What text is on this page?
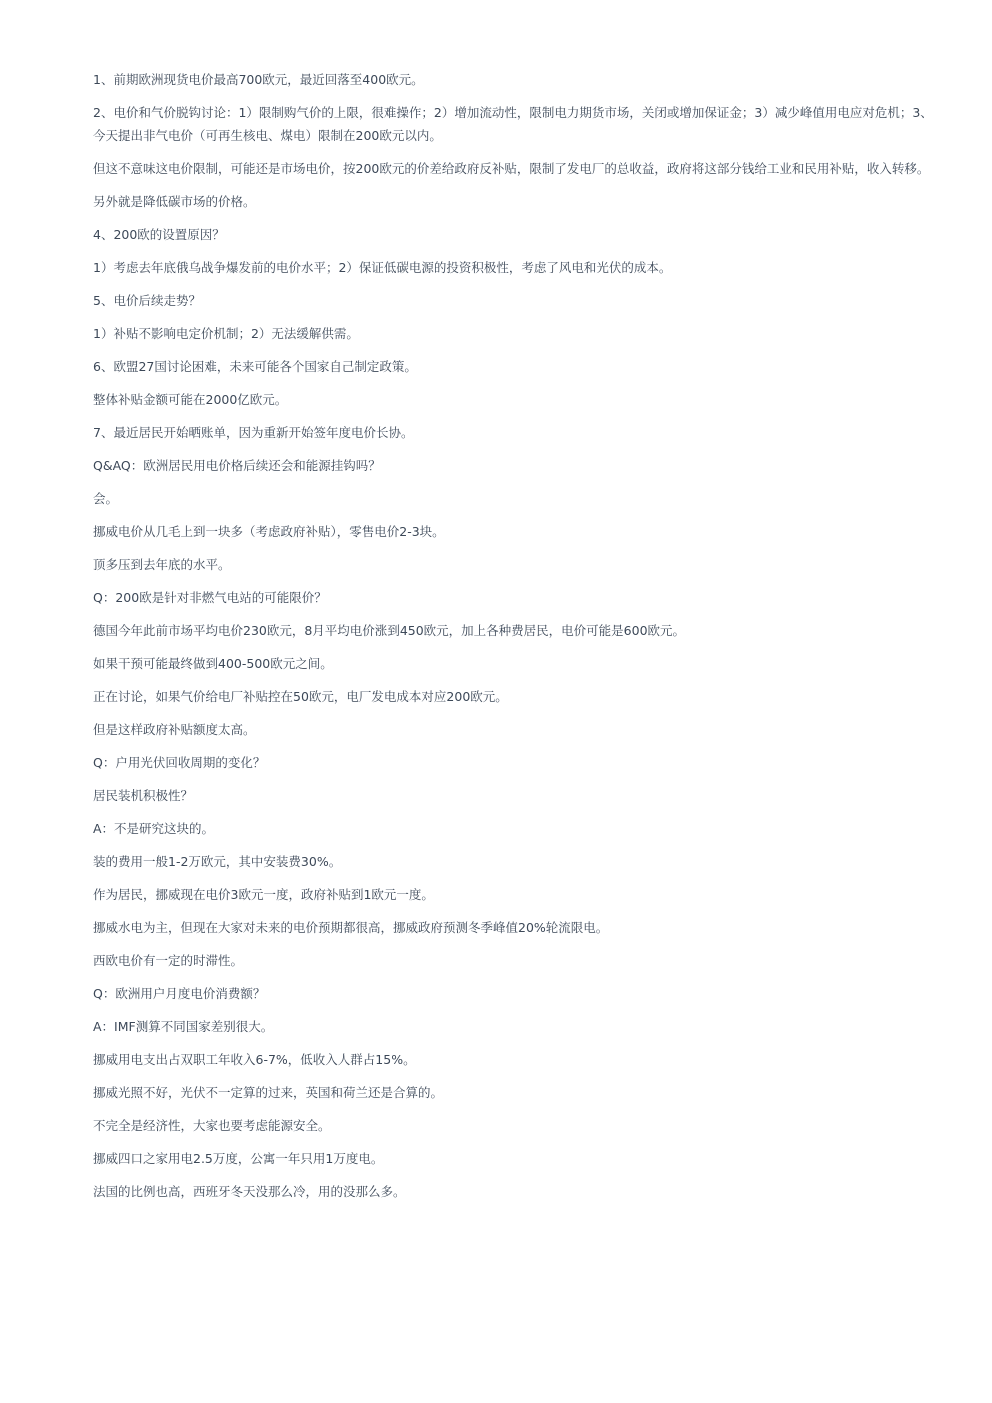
1、前期欧洲现货电价最高700欧元，最近回落至400欧元。

2、电价和气价脱钩讨论：1）限制购气价的上限，很难操作；2）增加流动性，限制电力期货市场，关闭或增加保证金；3）减少峰值用电应对危机；3、今天提出非气电价（可再生核电、煤电）限制在200欧元以内。

但这不意味这电价限制，可能还是市场电价，按200欧元的价差给政府反补贴，限制了发电厂的总收益，政府将这部分钱给工业和民用补贴，收入转移。

另外就是降低碳市场的价格。

4、200欧的设置原因？

1）考虑去年底俄乌战争爆发前的电价水平；2）保证低碳电源的投资积极性，考虑了风电和光伏的成本。

5、电价后续走势？

1）补贴不影响电定价机制；2）无法缓解供需。

6、欧盟27国讨论困难，未来可能各个国家自己制定政策。

整体补贴金额可能在2000亿欧元。

7、最近居民开始晒账单，因为重新开始签年度电价长协。

Q&AQ：欧洲居民用电价格后续还会和能源挂钩吗？

会。

挪威电价从几毛上到一块多（考虑政府补贴），零售电价2-3块。

顶多压到去年底的水平。

Q：200欧是针对非燃气电站的可能限价？

德国今年此前市场平均电价230欧元，8月平均电价涨到450欧元，加上各种费居民，电价可能是600欧元。

如果干预可能最终做到400-500欧元之间。

正在讨论，如果气价给电厂补贴控在50欧元，电厂发电成本对应200欧元。

但是这样政府补贴额度太高。

Q：户用光伏回收周期的变化？

居民装机积极性？

A：不是研究这块的。

装的费用一般1-2万欧元，其中安装费30%。

作为居民，挪威现在电价3欧元一度，政府补贴到1欧元一度。

挪威水电为主，但现在大家对未来的电价预期都很高，挪威政府预测冬季峰值20%轮流限电。

西欧电价有一定的时滞性。

Q：欧洲用户月度电价消费额？

A：IMF测算不同国家差别很大。

挪威用电支出占双职工年收入6-7%，低收入人群占15%。

挪威光照不好，光伏不一定算的过来，英国和荷兰还是合算的。

不完全是经济性，大家也要考虑能源安全。

挪威四口之家用电2.5万度，公寓一年只用1万度电。

法国的比例也高，西班牙冬天没那么冷，用的没那么多。
